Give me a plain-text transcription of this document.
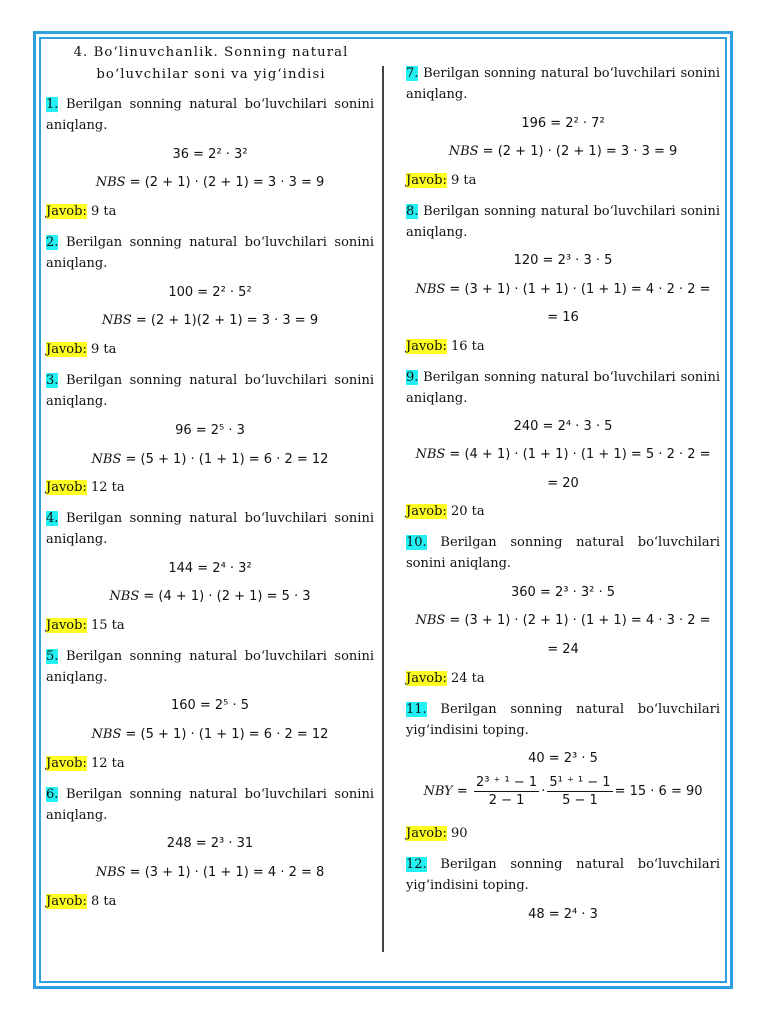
4. Bo‘linuvchanlik. Sonning natural
bo‘luvchilar soni va yig‘indisi
1. Berilgan sonning natural bo‘luvchilari sonini aniqlang.
36 = 2² · 3²
NBS = (2 + 1) · (2 + 1) = 3 · 3 = 9
Javob: 9 ta
2. Berilgan sonning natural bo‘luvchilari sonini aniqlang.
100 = 2² · 5²
NBS = (2 + 1)(2 + 1) = 3 · 3 = 9
Javob: 9 ta
3. Berilgan sonning natural bo‘luvchilari sonini aniqlang.
96 = 2⁵ · 3
NBS = (5 + 1) · (1 + 1) = 6 · 2 = 12
Javob: 12 ta
4. Berilgan sonning natural bo‘luvchilari sonini aniqlang.
144 = 2⁴ · 3²
NBS = (4 + 1) · (2 + 1) = 5 · 3
Javob: 15 ta
5. Berilgan sonning natural bo‘luvchilari sonini aniqlang.
160 = 2⁵ · 5
NBS = (5 + 1) · (1 + 1) = 6 · 2 = 12
Javob: 12 ta
6. Berilgan sonning natural bo‘luvchilari sonini aniqlang.
248 = 2³ · 31
NBS = (3 + 1) · (1 + 1) = 4 · 2 = 8
Javob: 8 ta
7. Berilgan sonning natural bo‘luvchilari sonini aniqlang.
196 = 2² · 7²
NBS = (2 + 1) · (2 + 1) = 3 · 3 = 9
Javob: 9 ta
8. Berilgan sonning natural bo‘luvchilari sonini aniqlang.
120 = 2³ · 3 · 5
NBS = (3 + 1) · (1 + 1) · (1 + 1) = 4 · 2 · 2 =
= 16
Javob: 16 ta
9. Berilgan sonning natural bo‘luvchilari sonini aniqlang.
240 = 2⁴ · 3 · 5
NBS = (4 + 1) · (1 + 1) · (1 + 1) = 5 · 2 · 2 =
= 20
Javob: 20 ta
10. Berilgan sonning natural bo‘luvchilari sonini aniqlang.
360 = 2³ · 3² · 5
NBS = (3 + 1) · (2 + 1) · (1 + 1) = 4 · 3 · 2 =
= 24
Javob: 24 ta
11. Berilgan sonning natural bo‘luvchilari yig‘indisini toping.
40 = 2³ · 5
NBY = $\frac{\text{2³ ⁺ ¹ − 1}}{2 - 1} \cdot \frac{\text{5¹ ⁺ ¹ − 1}}{5 - 1} = 15 \cdot 6 = 90$
Javob: 90
12. Berilgan sonning natural bo‘luvchilari yig‘indisini toping.
48 = 2⁴ · 3
